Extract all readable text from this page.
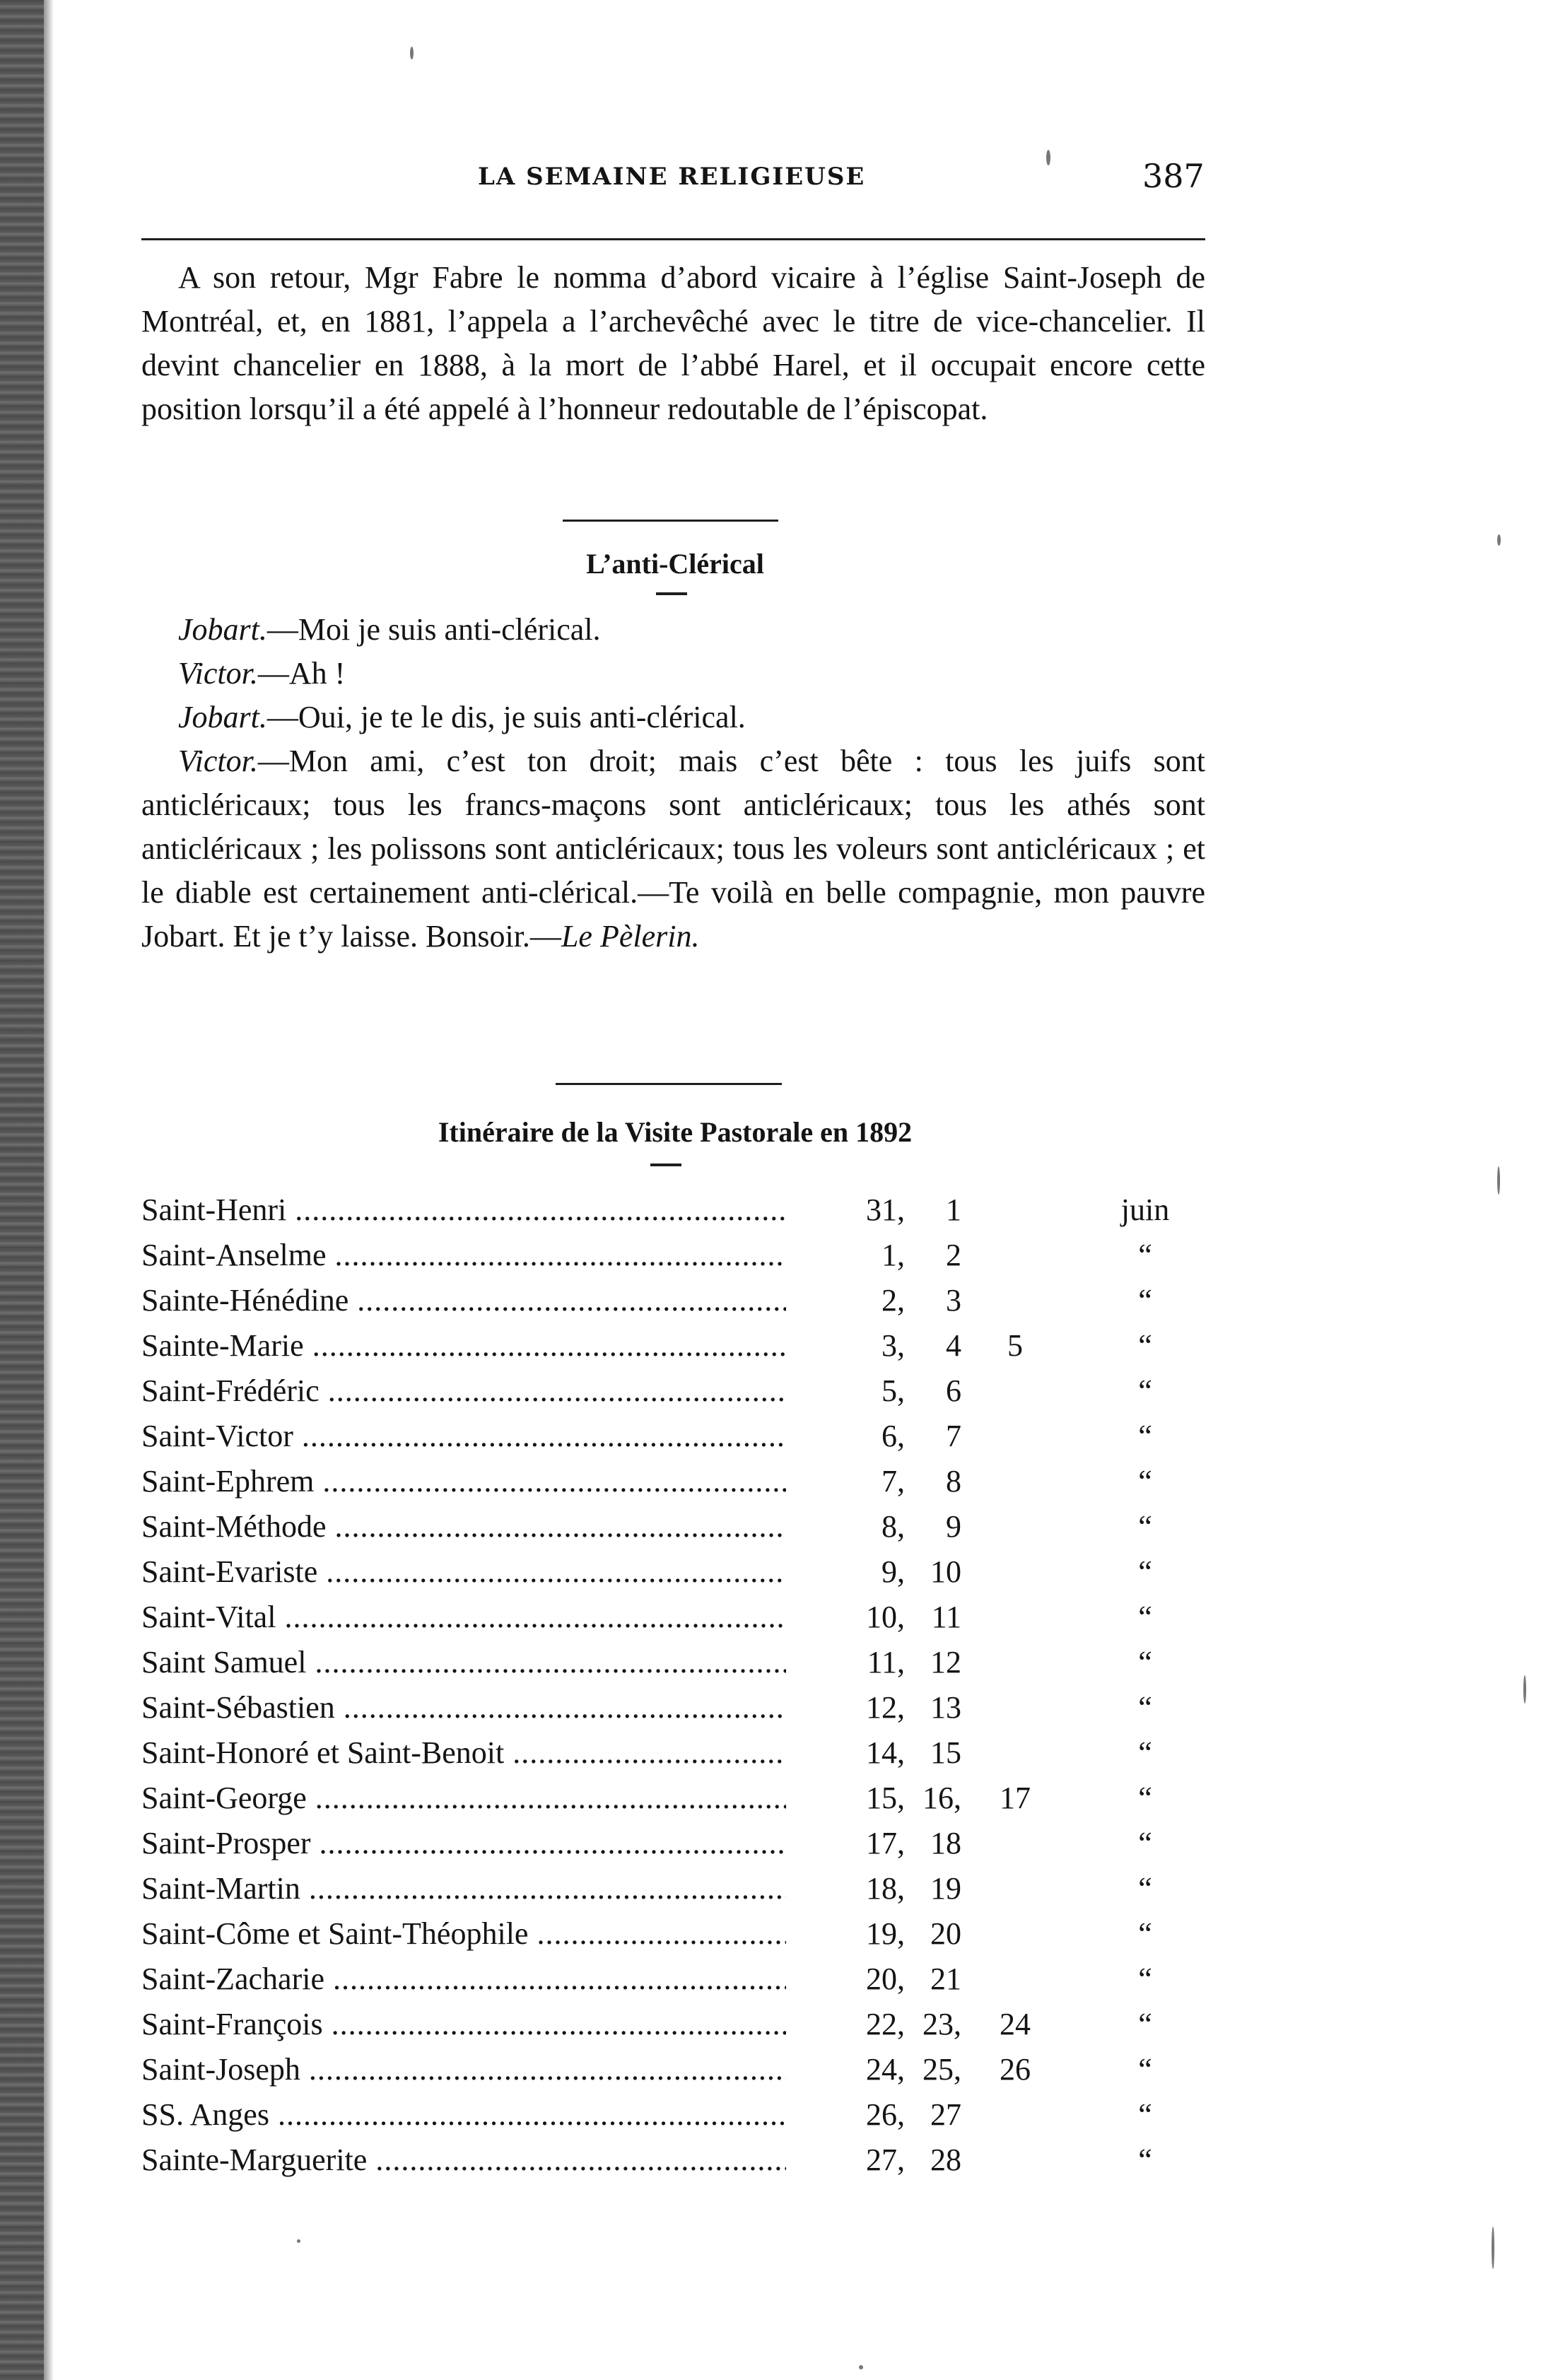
LA SEMAINE RELIGIEUSE	387
A son retour, Mgr Fabre le nomma d’abord vicaire à l’église Saint-Joseph de Montréal, et, en 1881, l’appela a l’archevêché avec le titre de vice-chancelier. Il devint chancelier en 1888, à la mort de l’abbé Harel, et il occupait encore cette position lorsqu’il a été appelé à l’honneur redoutable de l’épiscopat.
L’anti-Clérical

Jobart.—Moi je suis anti-clérical.

Victor.—Ah !

Jobart.—Oui, je te le dis, je suis anti-clérical.

Victor.—Mon ami, c’est ton droit; mais c’est bête : tous les juifs sont anticléricaux; tous les francs-maçons sont anticléricaux; tous les athés sont anticléricaux ; les polissons sont anticléricaux; tous les voleurs sont anticléricaux ; et le diable est certainement anti-clérical.—Te voilà en belle compagnie, mon pauvre Jobart. Et je t’y laisse. Bonsoir.—Le Pèlerin.

Itinéraire de la Visite Pastorale en 1892
Saint-Henri .....	31,	1	juin
Saint-Anselme .....	1,	2	“
Sainte-Hénédine .....	2,	3	“
Sainte-Marie .....	3,	4	5	“
Saint-Frédéric .....	5,	6	“
Saint-Victor .....	6,	7	“
Saint-Ephrem .....	7,	8	“
Saint-Méthode .....	8,	9	“
Saint-Evariste .....	9, 10	“
Saint-Vital .....	10, 11	“
Saint Samuel .....	11, 12	“
Saint-Sébastien .....	12, 13	“
Saint-Honoré et Saint-Benoit .....	14, 15	“
Saint-George .....	15, 16,	17	“
Saint-Prosper .....	17, 18	“
Saint-Martin .....	18, 19	“
Saint-Côme et Saint-Théophile .....	19, 20	“
Saint-Zacharie .....	20, 21	“
Saint-François .....	22, 23,	24	“
Saint-Joseph .....	24, 25,	26	“
SS. Anges .....	26, 27	“
Sainte-Marguerite .....	27, 28	“
